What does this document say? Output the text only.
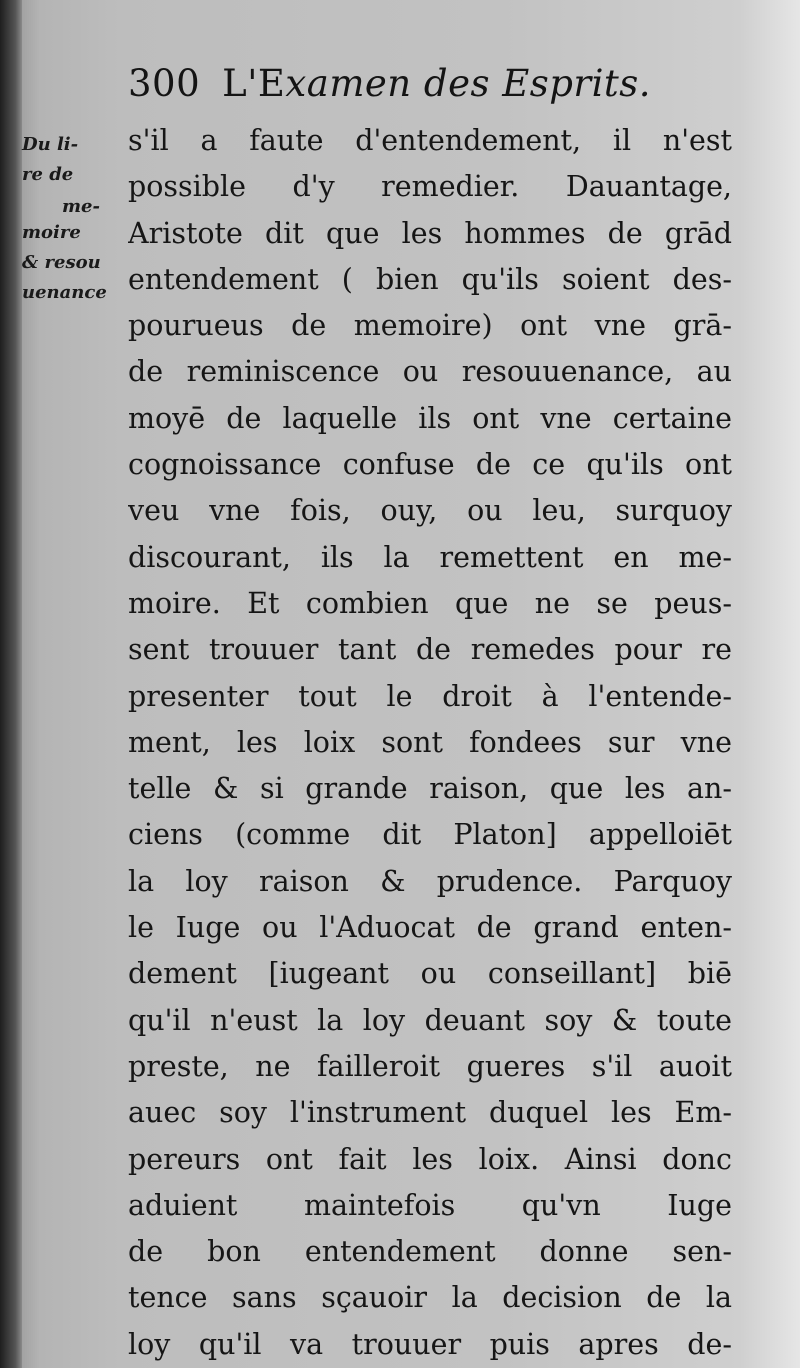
300 L'Examen des Esprits.
Du li-
re de
me-
moire
& resou
uenance
s'il a faute d'entendement, il n'est
possible d'y remedier. Dauantage,
Aristote dit que les hommes de grād
entendement ( bien qu'ils soient des-
pourueus de memoire) ont vne grā-
de reminiscence ou resouuenance, au
moyē de laquelle ils ont vne certaine
cognoissance confuse de ce qu'ils ont
veu vne fois, ouy, ou leu, surquoy
discourant, ils la remettent en me-
moire. Et combien que ne se peus-
sent trouuer tant de remedes pour re
presenter tout le droit à l'entende-
ment, les loix sont fondees sur vne
telle & si grande raison, que les an-
ciens (comme dit Platon] appelloiēt
la loy raison & prudence. Parquoy
le Iuge ou l'Aduocat de grand enten-
dement [iugeant ou conseillant] biē
qu'il n'eust la loy deuant soy & toute
preste, ne failleroit gueres s'il auoit
auec soy l'instrument duquel les Em-
pereurs ont fait les loix. Ainsi donc
aduient maintefois qu'vn Iuge
de bon entendement donne sen-
tence sans sçauoir la decision de la
loy qu'il va trouuer puis apres de-
